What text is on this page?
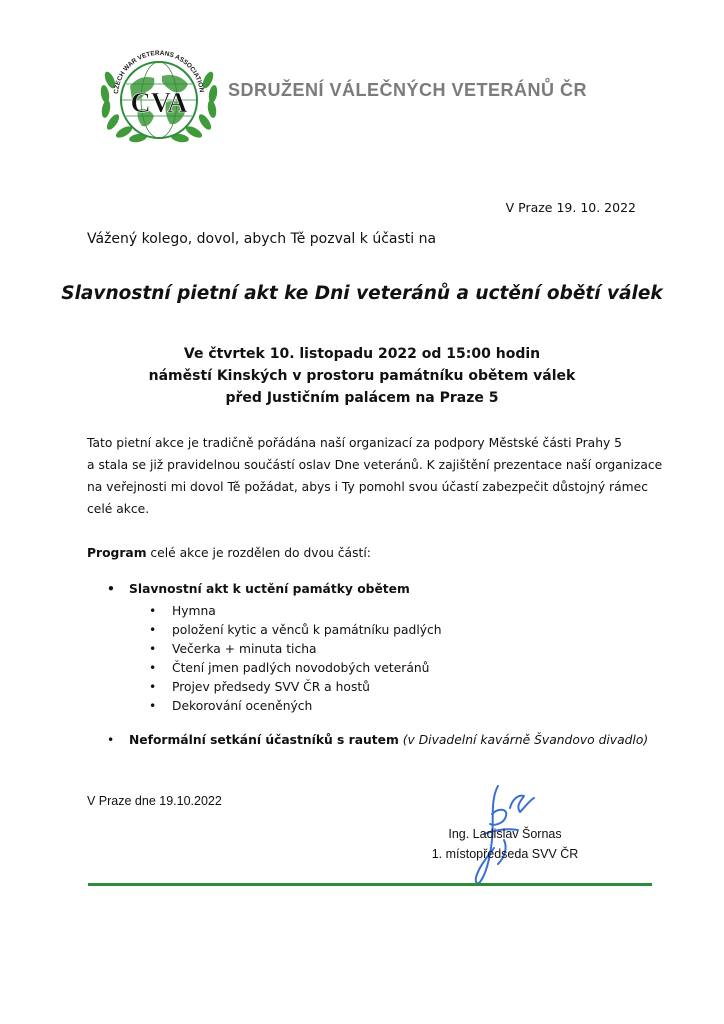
CZECH WAR VETERANS ASSOCIATION
CVA SDRUŽENÍ VÁLEČNÝCH VETERÁNŮ ČR
V Praze 19. 10. 2022
Vážený kolego, dovol, abych Tě pozval k účasti na
Slavnostní pietní akt ke Dni veteránů a uctění obětí válek
Ve čtvrtek 10. listopadu 2022 od 15:00 hodin
náměstí Kinských v prostoru památníku obětem válek
před Justičním palácem na Praze 5
Tato pietní akce je tradičně pořádána naší organizací za podpory Městské části Prahy 5
a stala se již pravidelnou součástí oslav Dne veteránů. K zajištění prezentace naší organizace
na veřejnosti mi dovol Tě požádat, abys i Ty pomohl svou účastí zabezpečit důstojný rámec
celé akce.
Program celé akce je rozdělen do dvou částí:
• Slavnostní akt k uctění památky obětem
• Hymna
• položení kytic a věnců k památníku padlých
• Večerka + minuta ticha
• Čtení jmen padlých novodobých veteránů
• Projev předsedy SVV ČR a hostů
• Dekorování oceněných
• Neformální setkání účastníků s rautem (v Divadelní kavárně Švandovo divadlo)
V Praze dne 19.10.2022
Ing. Ladislav Šornas
1. místopředseda SVV ČR
